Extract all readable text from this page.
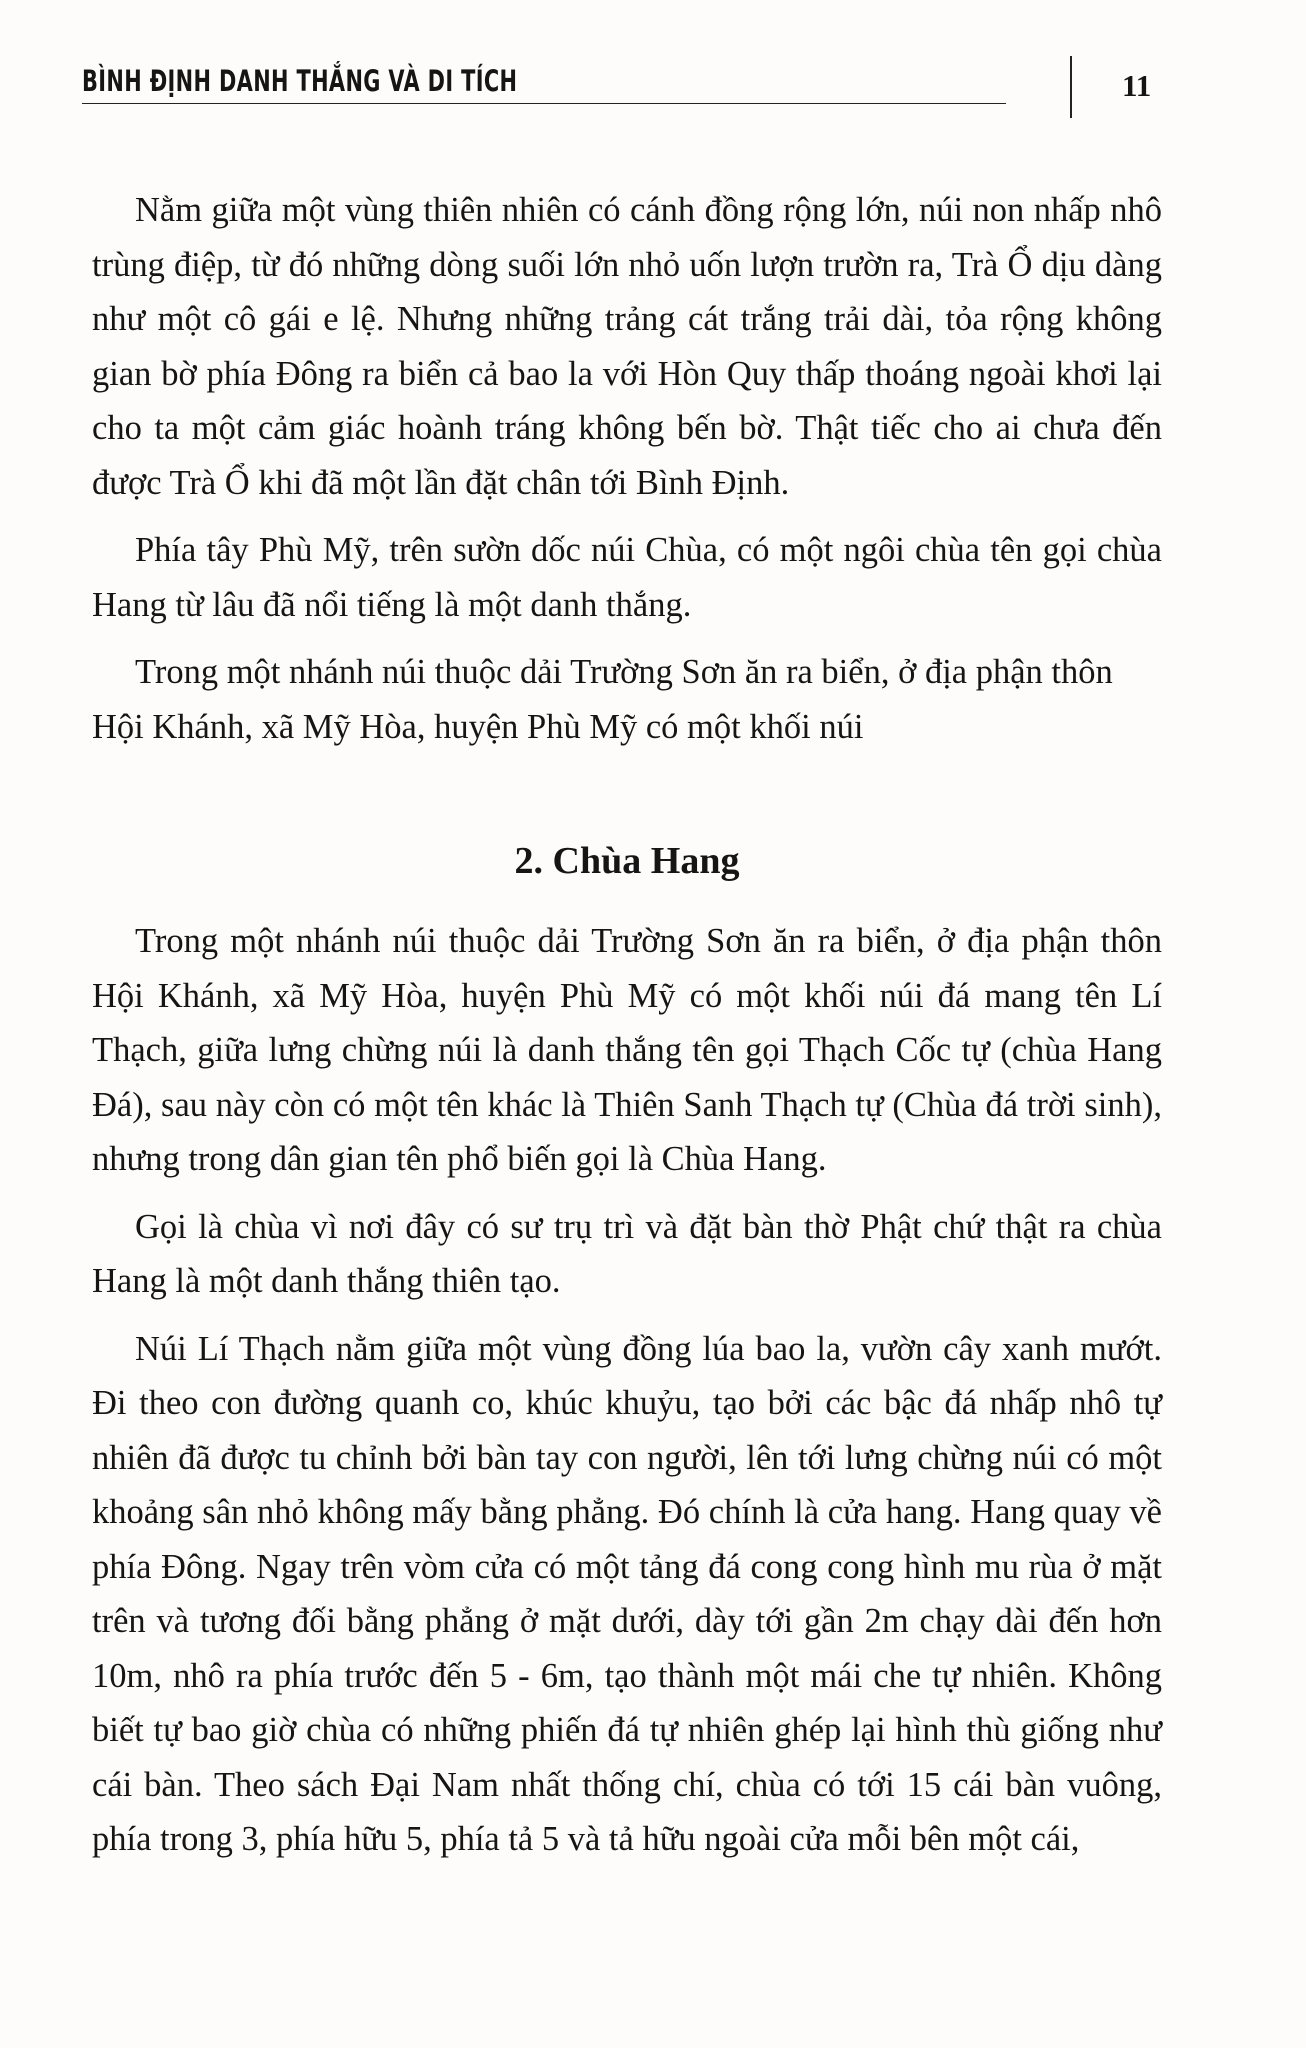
BÌNH ĐỊNH DANH THẮNG VÀ DI TÍCH	11

Nằm giữa một vùng thiên nhiên có cánh đồng rộng lớn, núi non nhấp nhô trùng điệp, từ đó những dòng suối lớn nhỏ uốn lượn trườn ra, Trà Ổ dịu dàng như một cô gái e lệ. Nhưng những trảng cát trắng trải dài, tỏa rộng không gian bờ phía Đông ra biển cả bao la với Hòn Quy thấp thoáng ngoài khơi lại cho ta một cảm giác hoành tráng không bến bờ. Thật tiếc cho ai chưa đến được Trà Ổ khi đã một lần đặt chân tới Bình Định.

Phía tây Phù Mỹ, trên sườn dốc núi Chùa, có một ngôi chùa tên gọi chùa Hang từ lâu đã nổi tiếng là một danh thắng.

Trong một nhánh núi thuộc dải Trường Sơn ăn ra biển, ở địa phận thôn Hội Khánh, xã Mỹ Hòa, huyện Phù Mỹ có một khối núi

2. Chùa Hang

Trong một nhánh núi thuộc dải Trường Sơn ăn ra biển, ở địa phận thôn Hội Khánh, xã Mỹ Hòa, huyện Phù Mỹ có một khối núi đá mang tên Lí Thạch, giữa lưng chừng núi là danh thắng tên gọi Thạch Cốc tự (chùa Hang Đá), sau này còn có một tên khác là Thiên Sanh Thạch tự (Chùa đá trời sinh), nhưng trong dân gian tên phổ biến gọi là Chùa Hang.

Gọi là chùa vì nơi đây có sư trụ trì và đặt bàn thờ Phật chứ thật ra chùa Hang là một danh thắng thiên tạo.

Núi Lí Thạch nằm giữa một vùng đồng lúa bao la, vườn cây xanh mướt. Đi theo con đường quanh co, khúc khuỷu, tạo bởi các bậc đá nhấp nhô tự nhiên đã được tu chỉnh bởi bàn tay con người, lên tới lưng chừng núi có một khoảng sân nhỏ không mấy bằng phẳng. Đó chính là cửa hang. Hang quay về phía Đông. Ngay trên vòm cửa có một tảng đá cong cong hình mu rùa ở mặt trên và tương đối bằng phẳng ở mặt dưới, dày tới gần 2m chạy dài đến hơn 10m, nhô ra phía trước đến 5 - 6m, tạo thành một mái che tự nhiên. Không biết tự bao giờ chùa có những phiến đá tự nhiên ghép lại hình thù giống như cái bàn. Theo sách Đại Nam nhất thống chí, chùa có tới 15 cái bàn vuông, phía trong 3, phía hữu 5, phía tả 5 và tả hữu ngoài cửa mỗi bên một cái,
